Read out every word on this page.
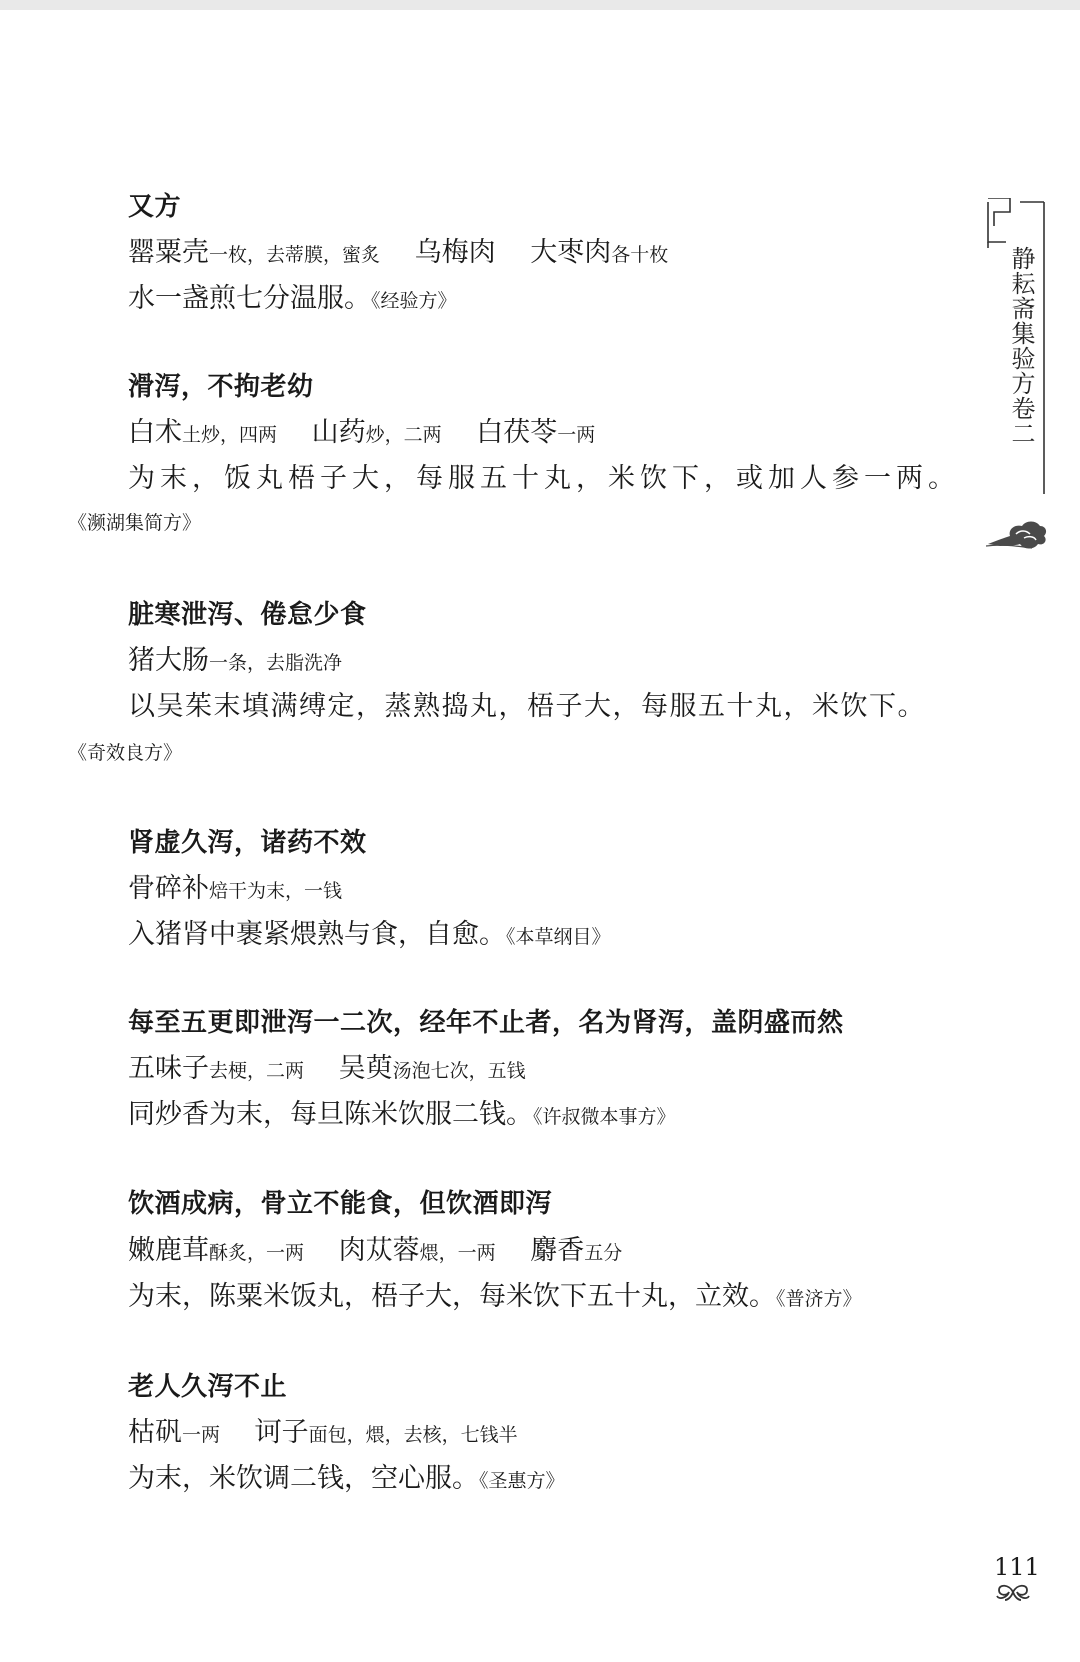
又方
罂粟壳一枚，去蒂膜，蜜炙 乌梅肉 大枣肉各十枚
水一盏煎七分温服。《经验方》
滑泻，不拘老幼
白术土炒，四两 山药炒，二两 白茯苓一两
为末，饭丸梧子大，每服五十丸，米饮下，或加人参一两。
《濒湖集简方》
脏寒泄泻、倦怠少食
猪大肠一条，去脂洗净
以吴茱末填满缚定，蒸熟捣丸，梧子大，每服五十丸，米饮下。
《奇效良方》
肾虚久泻，诸药不效
骨碎补焙干为末，一钱
入猪肾中裹紧煨熟与食，自愈。《本草纲目》
每至五更即泄泻一二次，经年不止者，名为肾泻，盖阴盛而然
五味子去梗，二两 吴萸汤泡七次，五钱
同炒香为末，每旦陈米饮服二钱。《许叔微本事方》
饮酒成病，骨立不能食，但饮酒即泻
嫩鹿茸酥炙，一两 肉苁蓉煨，一两 麝香五分
为末，陈粟米饭丸，梧子大，每米饮下五十丸，立效。《普济方》
老人久泻不止
枯矾一两 诃子面包，煨，去核，七钱半
为末，米饮调二钱，空心服。《圣惠方》
静耘斋集验方卷二
111
